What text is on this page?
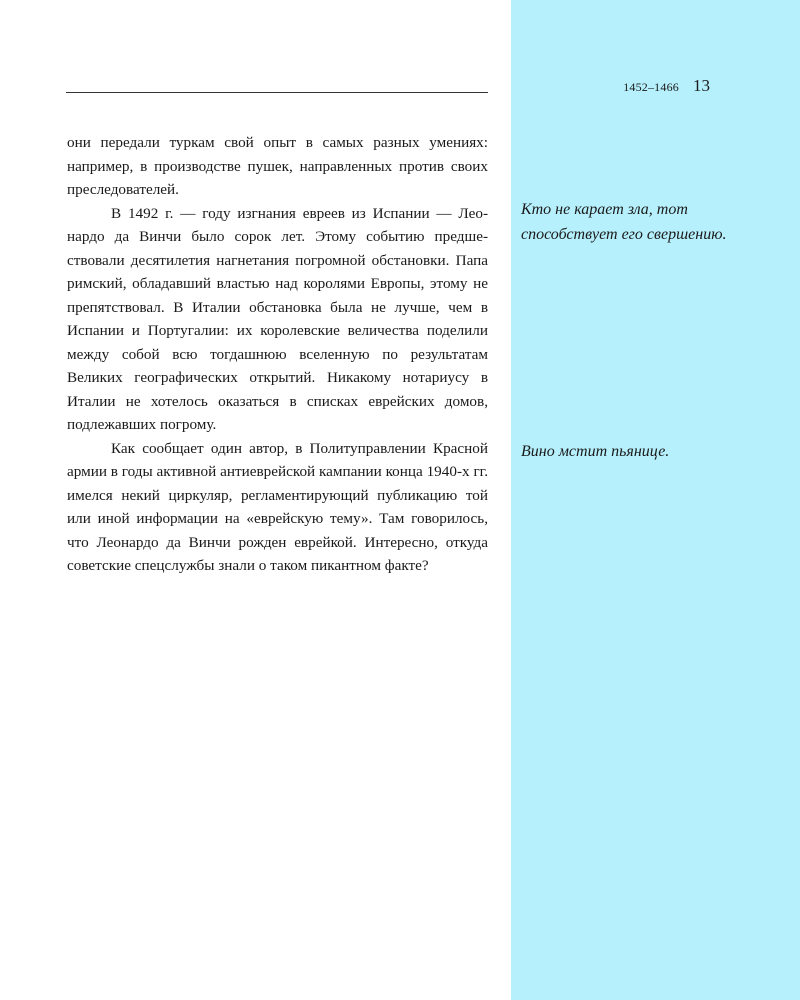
1452–1466 13

они передали туркам свой опыт в самых разных умениях: например, в производстве пушек, направленных против своих преследователей.

В 1492 г. — году изгнания евреев из Испании — Леонардо да Винчи было сорок лет. Этому событию предшествовали десятилетия нагнетания погромной обстановки. Папа римский, обладавший властью над королями Европы, этому не препятствовал. В Италии обстановка была не лучше, чем в Испании и Португалии: их королевские величества поделили между собой всю тогдашнюю вселенную по результатам Великих географических открытий. Никакому нотариусу в Италии не хотелось оказаться в списках еврейских домов, подлежавших погрому.

Как сообщает один автор, в Политуправлении Красной армии в годы активной антиеврейской кампании конца 1940-х гг. имелся некий циркуляр, регламентирующий публикацию той или иной информации на «еврейскую тему». Там говорилось, что Леонардо да Винчи рожден еврейкой. Интересно, откуда советские спецслужбы знали о таком пикантном факте?

Кто не карает зла, тот способствует его свершению.

Вино мстит пьянице.
